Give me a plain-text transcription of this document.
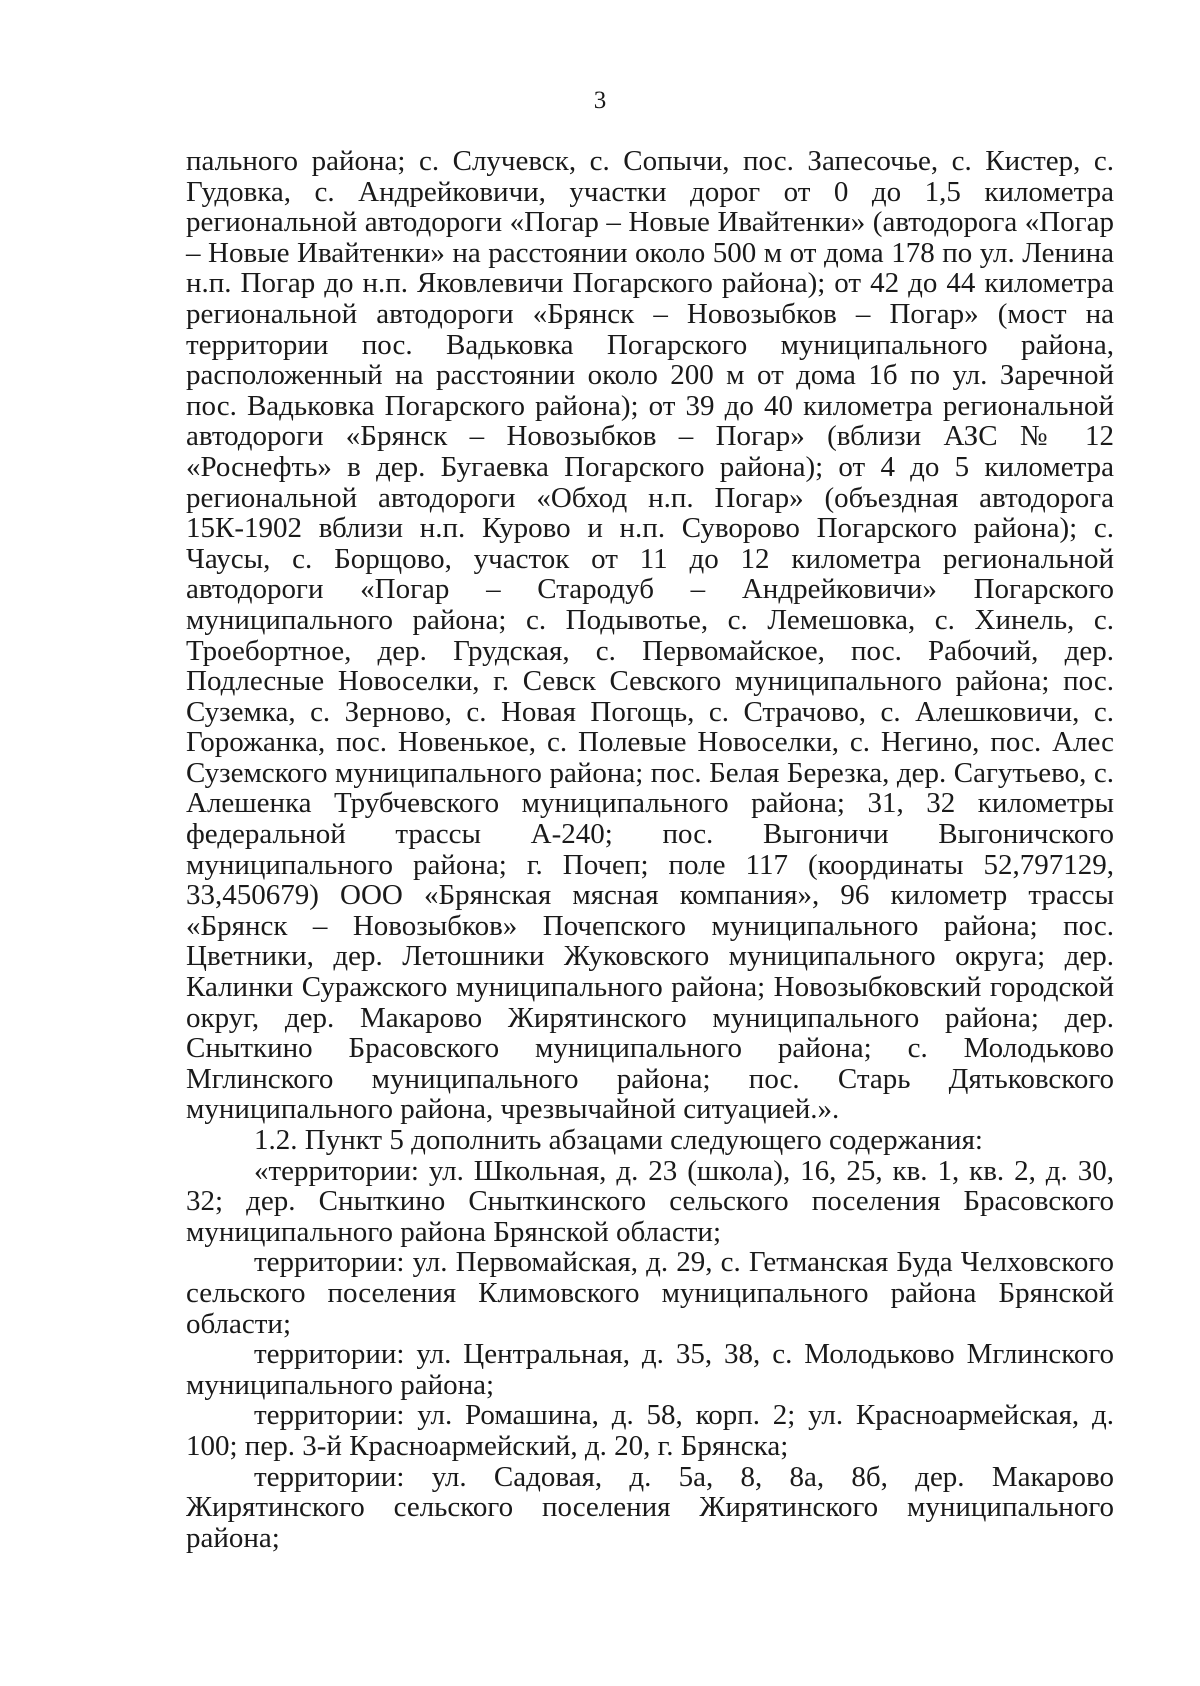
3

пального района; с. Случевск, с. Сопычи, пос. Запесочье, с. Кистер, с. Гудовка, с. Андрейковичи, участки дорог от 0 до 1,5 километра региональной автодороги «Погар – Новые Ивайтенки» (автодорога «Погар – Новые Ивайтенки» на расстоянии около 500 м от дома 178 по ул. Ленина н.п. Погар до н.п. Яковлевичи Погарского района); от 42 до 44 километра региональной автодороги «Брянск – Новозыбков – Погар» (мост на территории пос. Вадьковка Погарского муниципального района, расположенный на расстоянии около 200 м от дома 1б по ул. Заречной пос. Вадьковка Погарского района); от 39 до 40 километра региональной автодороги «Брянск – Новозыбков – Погар» (вблизи АЗС № 12 «Роснефть» в дер. Бугаевка Погарского района); от 4 до 5 километра региональной автодороги «Обход н.п. Погар» (объездная автодорога 15К-1902 вблизи н.п. Курово и н.п. Суворово Погарского района); с. Чаусы, с. Борщово, участок от 11 до 12 километра региональной автодороги «Погар – Стародуб – Андрейковичи» Погарского муниципального района; с. Подывотье, с. Лемешовка, с. Хинель, с. Троебортное, дер. Грудская, с. Первомайское, пос. Рабочий, дер. Подлесные Новоселки, г. Севск Севского муниципального района; пос. Суземка, с. Зерново, с. Новая Погощь, с. Страчово, с. Алешковичи, с. Горожанка, пос. Новенькое, с. Полевые Новоселки, с. Негино, пос. Алес Суземского муниципального района; пос. Белая Березка, дер. Сагутьево, с. Алешенка Трубчевского муниципального района; 31, 32 километры федеральной трассы А-240; пос. Выгоничи Выгоничского муниципального района; г. Почеп; поле 117 (координаты 52,797129, 33,450679) ООО «Брянская мясная компания», 96 километр трассы «Брянск – Новозыбков» Почепского муниципального района; пос. Цветники, дер. Летошники Жуковского муниципального округа; дер. Калинки Суражского муниципального района; Новозыбковский городской округ, дер. Макарово Жирятинского муниципального района; дер. Сныткино Брасовского муниципального района; с. Молодьково Мглинского муниципального района; пос. Старь Дятьковского муниципального района, чрезвычайной ситуацией.».

1.2. Пункт 5 дополнить абзацами следующего содержания:

«территории: ул. Школьная, д. 23 (школа), 16, 25, кв. 1, кв. 2, д. 30, 32; дер. Сныткино Сныткинского сельского поселения Брасовского муниципального района Брянской области;

территории: ул. Первомайская, д. 29, с. Гетманская Буда Челховского сельского поселения Климовского муниципального района Брянской области;

территории: ул. Центральная, д. 35, 38, с. Молодьково Мглинского муниципального района;

территории: ул. Ромашина, д. 58, корп. 2; ул. Красноармейская, д. 100; пер. 3-й Красноармейский, д. 20, г. Брянска;

территории: ул. Садовая, д. 5а, 8, 8а, 8б, дер. Макарово Жирятинского сельского поселения Жирятинского муниципального района;
